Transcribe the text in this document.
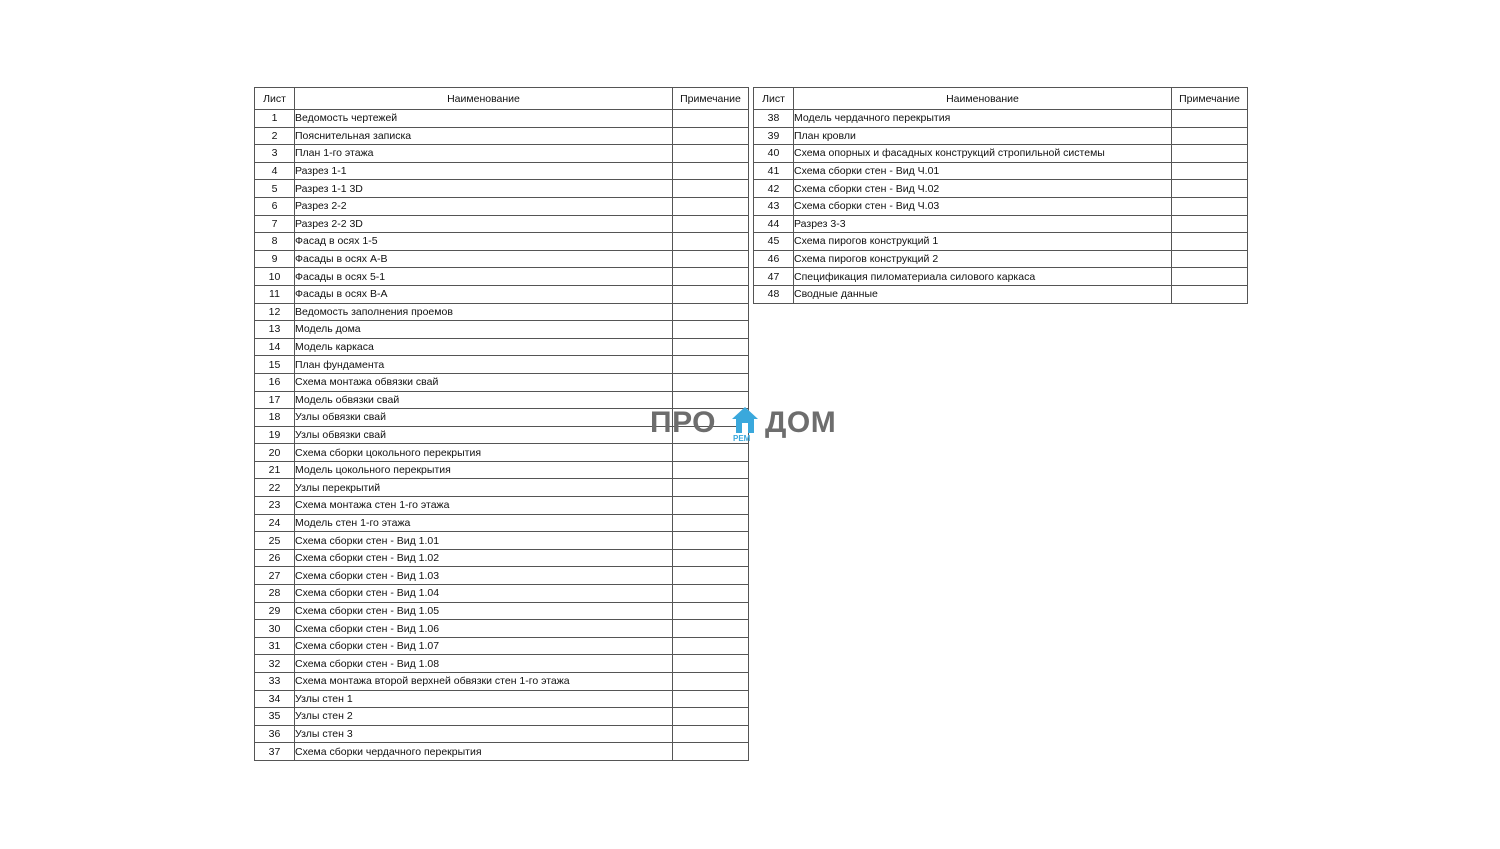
Лист	Наименование	Примечание
1	Ведомость чертежей	
2	Пояснительная записка	
3	План 1-го этажа	
4	Разрез 1-1	
5	Разрез 1-1 3D	
6	Разрез 2-2	
7	Разрез 2-2 3D	
8	Фасад в осях 1-5	
9	Фасады в осях А-В	
10	Фасады в осях 5-1	
11	Фасады в осях В-А	
12	Ведомость заполнения проемов	
13	Модель дома	
14	Модель каркаса	
15	План фундамента	
16	Схема монтажа обвязки свай	
17	Модель обвязки свай	
18	Узлы обвязки свай	
19	Узлы обвязки свай	
20	Схема сборки цокольного перекрытия	
21	Модель цокольного перекрытия	
22	Узлы перекрытий	
23	Схема монтажа стен 1-го этажа	
24	Модель стен 1-го этажа	
25	Схема сборки стен - Вид 1.01	
26	Схема сборки стен - Вид 1.02	
27	Схема сборки стен - Вид 1.03	
28	Схема сборки стен - Вид 1.04	
29	Схема сборки стен - Вид 1.05	
30	Схема сборки стен - Вид 1.06	
31	Схема сборки стен - Вид 1.07	
32	Схема сборки стен - Вид 1.08	
33	Схема монтажа второй верхней обвязки стен 1-го этажа	
34	Узлы стен 1	
35	Узлы стен 2	
36	Узлы стен 3	
37	Схема сборки чердачного перекрытия	
Лист	Наименование	Примечание
38	Модель чердачного перекрытия	
39	План кровли	
40	Схема опорных и фасадных конструкций стропильной системы	
41	Схема сборки стен - Вид Ч.01	
42	Схема сборки стен - Вид Ч.02	
43	Схема сборки стен - Вид Ч.03	
44	Разрез 3-3	
45	Схема пирогов конструкций 1	
46	Схема пирогов конструкций 2	
47	Спецификация пиломатериала силового каркаса	
48	Сводные данные	
ПРО РЕМ ДОМ
